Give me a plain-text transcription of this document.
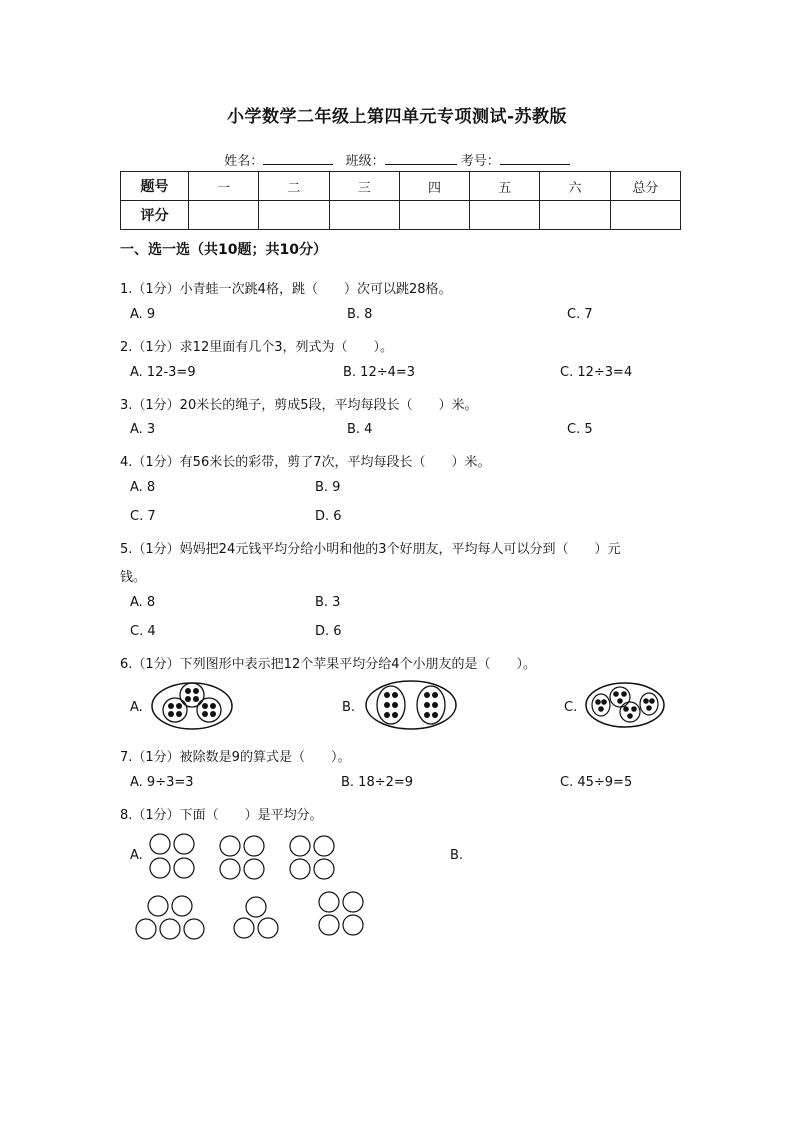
小学数学二年级上第四单元专项测试-苏教版
姓名：	班级：	考号：
题号	一	二	三	四	五	六	总分
评分							
一、选一选（共10题；共10分）
1.（1分）小青蛙一次跳4格，跳（　　）次可以跳28格。
A. 9	B. 8	C. 7
2.（1分）求12里面有几个3，列式为（　　）。
A. 12-3=9	B. 12÷4=3	C. 12÷3=4
3.（1分）20米长的绳子，剪成5段，平均每段长（　　）米。
A. 3	B. 4	C. 5
4.（1分）有56米长的彩带，剪了7次，平均每段长（　　）米。
A. 8	B. 9
C. 7	D. 6
5.（1分）妈妈把24元钱平均分给小明和他的3个好朋友，平均每人可以分到（　　）元
钱。
A. 8	B. 3
C. 4	D. 6
6.（1分）下列图形中表示把12个苹果平均分给4个小朋友的是（　　）。
A.	B.	C.
7.（1分）被除数是9的算式是（　　）。
A. 9÷3=3	B. 18÷2=9	C. 45÷9=5
8.（1分）下面（　　）是平均分。
A.	B.
